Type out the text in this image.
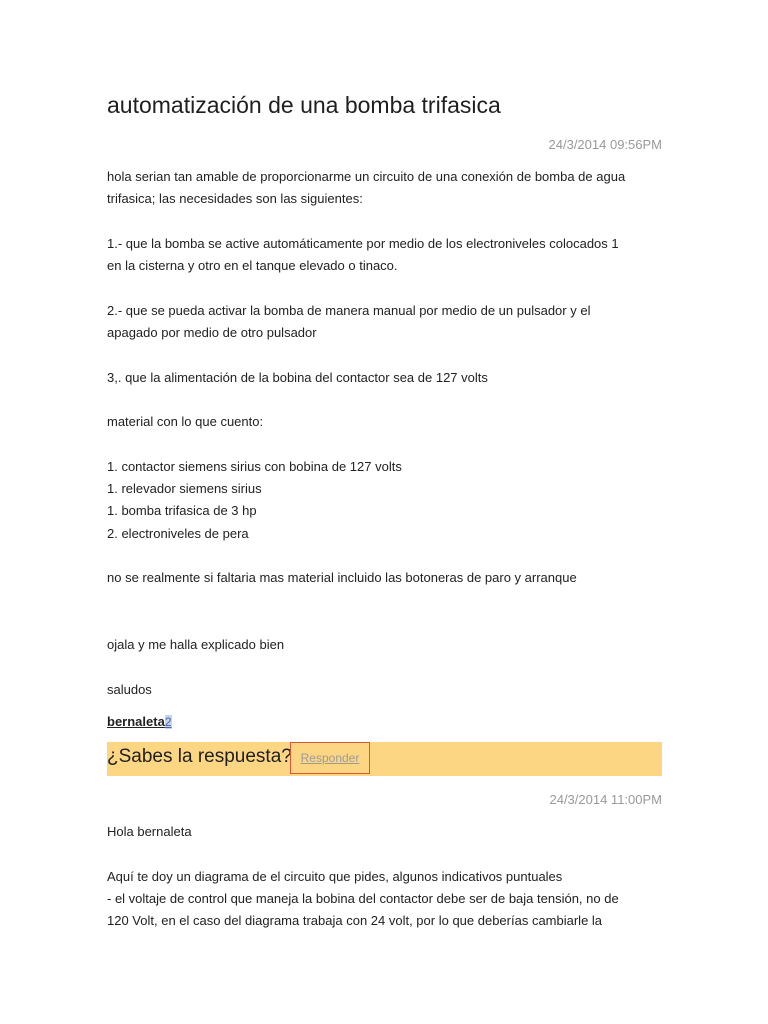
automatización de una bomba trifasica
24/3/2014 09:56PM

hola serian tan amable de proporcionarme un circuito de una conexión de bomba de agua

trifasica; las necesidades son las siguientes:

1.- que la bomba se active automáticamente por medio de los electroniveles colocados 1

en la cisterna y otro en el tanque elevado o tinaco.

2.- que se pueda activar la bomba de manera manual por medio de un pulsador y el

apagado por medio de otro pulsador

3,. que la alimentación de la bobina del contactor sea de 127 volts

material con lo que cuento:

1. contactor siemens sirius con bobina de 127 volts

1. relevador siemens sirius

1. bomba trifasica de 3 hp

2. electroniveles de pera

no se realmente si faltaria mas material incluido las botoneras de paro y arranque

ojala y me halla explicado bien

saludos

bernaleta2
¿Sabes la respuesta? Responder
24/3/2014 11:00PM

Hola bernaleta

Aquí te doy un diagrama de el circuito que pides, algunos indicativos puntuales

- el voltaje de control que maneja la bobina del contactor debe ser de baja tensión, no de

120 Volt, en el caso del diagrama trabaja con 24 volt, por lo que deberías cambiarle la
